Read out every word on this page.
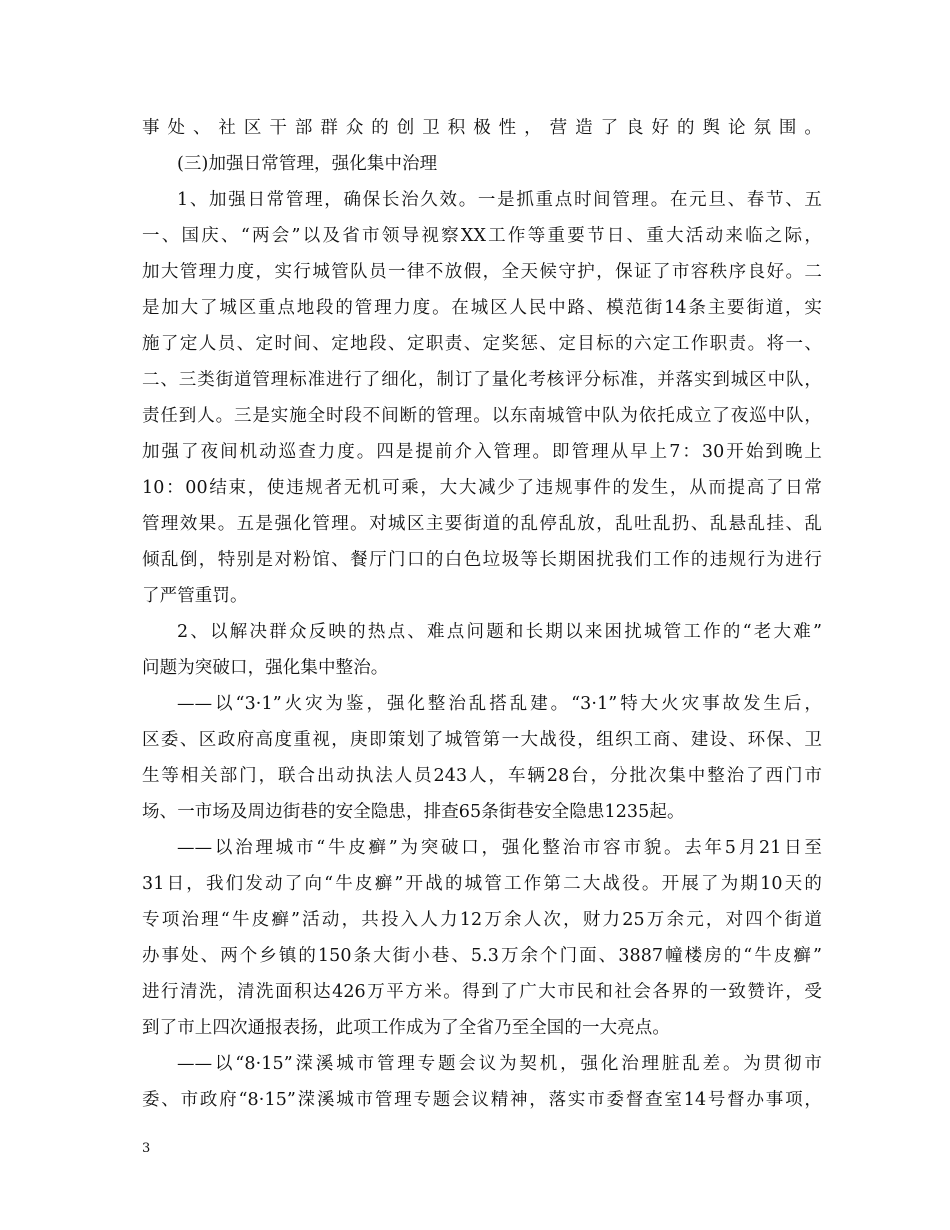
事处、社区干部群众的创卫积极性，营造了良好的舆论氛围。
(三)加强日常管理，强化集中治理
1、加强日常管理，确保长治久效。一是抓重点时间管理。在元旦、春节、五
一、国庆、“两会”以及省市领导视察XX工作等重要节日、重大活动来临之际，
加大管理力度，实行城管队员一律不放假，全天候守护，保证了市容秩序良好。二
是加大了城区重点地段的管理力度。在城区人民中路、模范街14条主要街道，实
施了定人员、定时间、定地段、定职责、定奖惩、定目标的六定工作职责。将一、
二、三类街道管理标准进行了细化，制订了量化考核评分标准，并落实到城区中队，
责任到人。三是实施全时段不间断的管理。以东南城管中队为依托成立了夜巡中队，
加强了夜间机动巡查力度。四是提前介入管理。即管理从早上7：30开始到晚上
10：00结束，使违规者无机可乘，大大减少了违规事件的发生，从而提高了日常
管理效果。五是强化管理。对城区主要街道的乱停乱放，乱吐乱扔、乱悬乱挂、乱
倾乱倒，特别是对粉馆、餐厅门口的白色垃圾等长期困扰我们工作的违规行为进行
了严管重罚。
2、以解决群众反映的热点、难点问题和长期以来困扰城管工作的“老大难”
问题为突破口，强化集中整治。
——以“3·1”火灾为鉴，强化整治乱搭乱建。“3·1”特大火灾事故发生后，
区委、区政府高度重视，庚即策划了城管第一大战役，组织工商、建设、环保、卫
生等相关部门，联合出动执法人员243人，车辆28台，分批次集中整治了西门市
场、一市场及周边街巷的安全隐患，排查65条街巷安全隐患1235起。
——以治理城市“牛皮癣”为突破口，强化整治市容市貌。去年5月21日至
31日，我们发动了向“牛皮癣”开战的城管工作第二大战役。开展了为期10天的
专项治理“牛皮癣”活动，共投入人力12万余人次，财力25万余元，对四个街道
办事处、两个乡镇的150条大街小巷、5.3万余个门面、3887幢楼房的“牛皮癣”
进行清洗，清洗面积达426万平方米。得到了广大市民和社会各界的一致赞许，受
到了市上四次通报表扬，此项工作成为了全省乃至全国的一大亮点。
——以“8·15”溁溪城市管理专题会议为契机，强化治理脏乱差。为贯彻市
委、市政府“8·15”溁溪城市管理专题会议精神，落实市委督查室14号督办事项，
3
